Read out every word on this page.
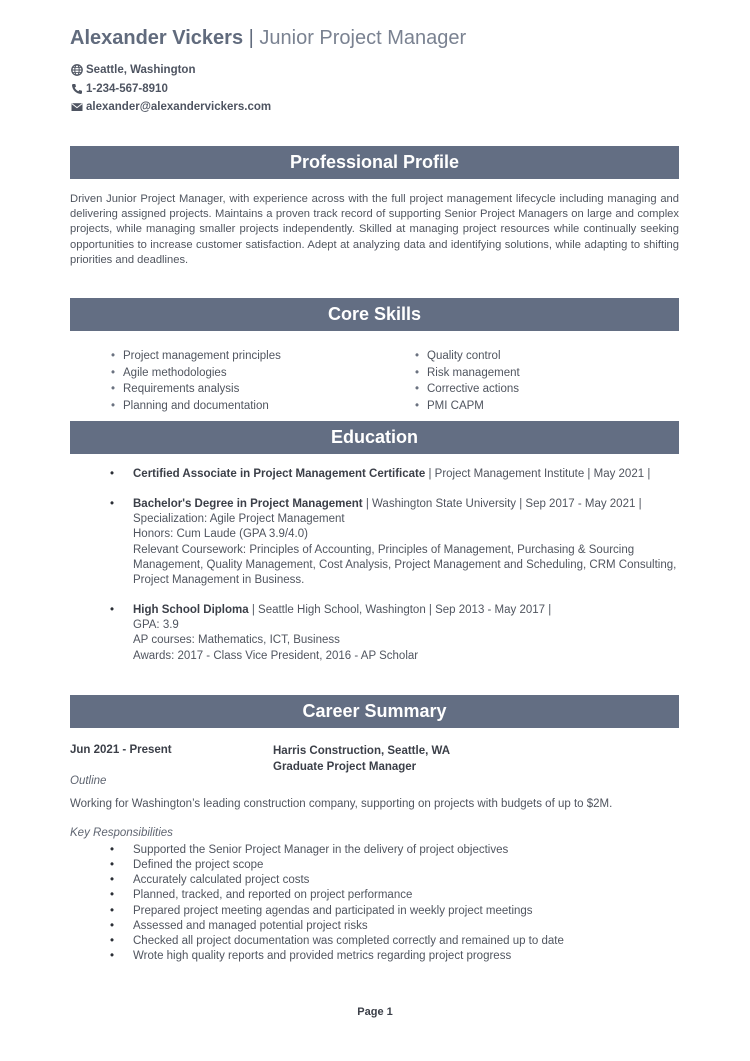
Alexander Vickers | Junior Project Manager
Seattle, Washington
1-234-567-8910
alexander@alexandervickers.com
Professional Profile
Driven Junior Project Manager, with experience across with the full project management lifecycle including managing and delivering assigned projects. Maintains a proven track record of supporting Senior Project Managers on large and complex projects, while managing smaller projects independently. Skilled at managing project resources while continually seeking opportunities to increase customer satisfaction. Adept at analyzing data and identifying solutions, while adapting to shifting priorities and deadlines.
Core Skills
• Project management principles
• Agile methodologies
• Requirements analysis
• Planning and documentation
• Quality control
• Risk management
• Corrective actions
• PMI CAPM
Education
• Certified Associate in Project Management Certificate | Project Management Institute | May 2021 |
• Bachelor's Degree in Project Management | Washington State University | Sep 2017 - May 2021 |
Specialization: Agile Project Management
Honors: Cum Laude (GPA 3.9/4.0)
Relevant Coursework: Principles of Accounting, Principles of Management, Purchasing & Sourcing Management, Quality Management, Cost Analysis, Project Management and Scheduling, CRM Consulting, Project Management in Business.
• High School Diploma | Seattle High School, Washington | Sep 2013 - May 2017 |
GPA: 3.9
AP courses: Mathematics, ICT, Business
Awards: 2017 - Class Vice President, 2016 - AP Scholar
Career Summary
Jun 2021 - Present	Harris Construction, Seattle, WA
Graduate Project Manager
Outline
Working for Washington’s leading construction company, supporting on projects with budgets of up to $2M.
Key Responsibilities
• Supported the Senior Project Manager in the delivery of project objectives
• Defined the project scope
• Accurately calculated project costs
• Planned, tracked, and reported on project performance
• Prepared project meeting agendas and participated in weekly project meetings
• Assessed and managed potential project risks
• Checked all project documentation was completed correctly and remained up to date
• Wrote high quality reports and provided metrics regarding project progress
Page 1
